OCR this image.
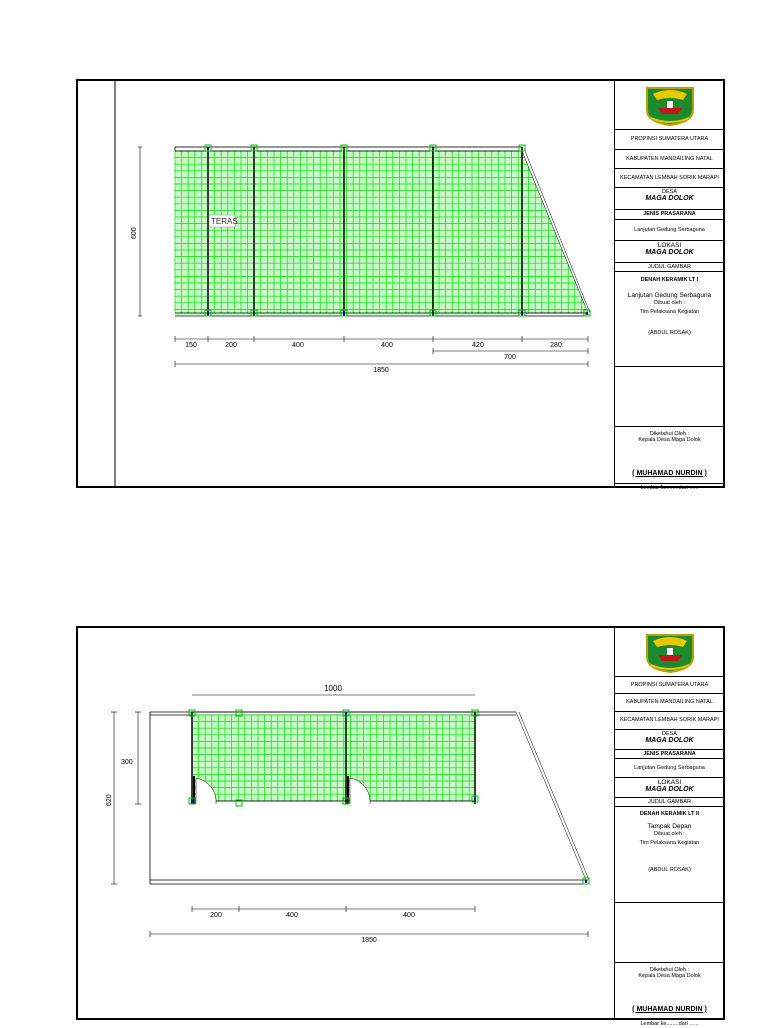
TERAS
600
150	200	400	400	420	280
700
1850
PROPINSI SUMATERA UTARA
KABUPATEN MANDAILING NATAL
KECAMATAN LEMBAH SORIK MARAPI
DESA
MAGA DOLOK
JENIS PRASARANA
Lanjutan Gedung Serbaguna
LOKASI
MAGA DOLOK
JUDUL GAMBAR
DENAH KERAMIK LT I
Lanjutan Gedung Serbaguna
Dibuat oleh :
Tim Pelaksana Kegiatan
(ABDUL ROSAK)
Diketahui Oleh :
Kepala Desa Maga Dolok
( MUHAMAD NURDIN )
Lembar ke........dari ......
1000
620
300
200	400	400
1850
PROPINSI SUMATERA UTARA
KABUPATEN MANDAILING NATAL
KECAMATAN LEMBAH SORIK MARAPI
DESA
MAGA DOLOK
JENIS PRASARANA
Lanjutan Gedung Serbaguna
LOKASI
MAGA DOLOK
JUDUL GAMBAR
DENAH KERAMIK LT II
Tampak Depan
Dibuat oleh :
Tim Pelaksana Kegiatan
(ABDUL ROSAK)
Diketahui Oleh :
Kepala Desa Maga Dolok
( MUHAMAD NURDIN )
Lembar ke........dari ......
